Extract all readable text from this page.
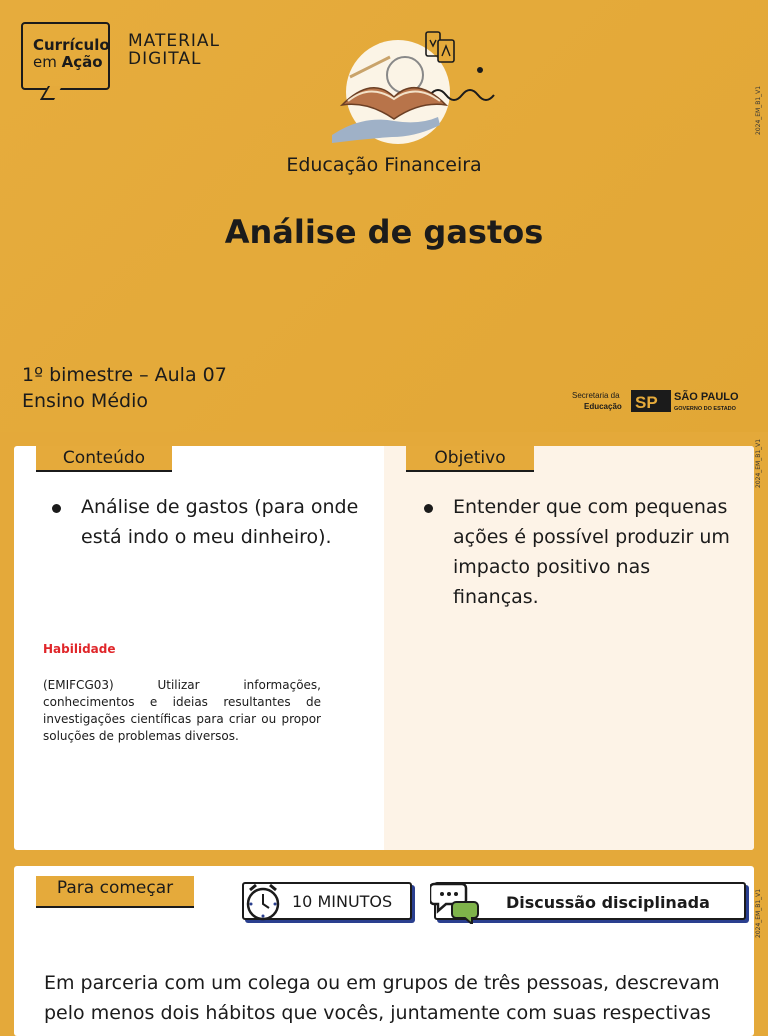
Currículo
em Ação
MATERIAL
DIGITAL
2024_EM_B1_V1
Educação Financeira
Análise de gastos
1º bimestre – Aula 07
Ensino Médio	Secretaria da
Educação SP SÃO PAULO
GOVERNO DO ESTADO
Conteúdo	Objetivo
Análise de gastos (para onde
está indo o meu dinheiro).
Entender que com pequenas
ações é possível produzir um
impacto positivo nas
finanças.
Habilidade
(EMIFCG03) Utilizar informações, conhecimentos e ideias resultantes de investigações científicas para criar ou propor soluções de problemas diversos.
2024_EM_B1_V1
Para começar
10 MINUTOS	Discussão disciplinada
Em parceria com um colega ou em grupos de três pessoas, descrevam
pelo menos dois hábitos que vocês, juntamente com suas respectivas
2024_EM_B1_V1
